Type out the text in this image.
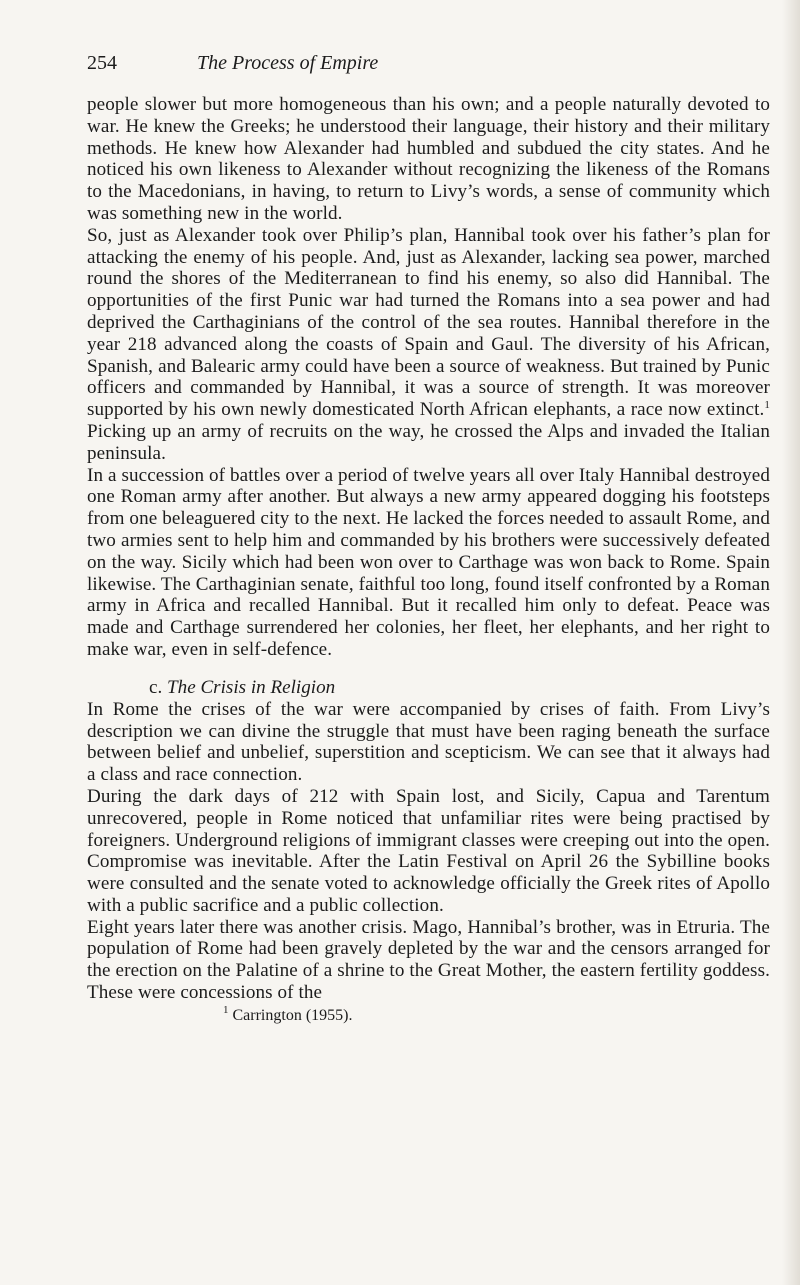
254	The Process of Empire

people slower but more homogeneous than his own; and a people naturally devoted to war. He knew the Greeks; he understood their language, their history and their military methods. He knew how Alexander had humbled and subdued the city states. And he noticed his own likeness to Alexander without recognizing the likeness of the Romans to the Macedonians, in having, to return to Livy’s words, a sense of community which was something new in the world.

So, just as Alexander took over Philip’s plan, Hannibal took over his father’s plan for attacking the enemy of his people. And, just as Alexander, lacking sea power, marched round the shores of the Mediterranean to find his enemy, so also did Hannibal. The opportunities of the first Punic war had turned the Romans into a sea power and had deprived the Carthaginians of the control of the sea routes. Hannibal therefore in the year 218 advanced along the coasts of Spain and Gaul. The diversity of his African, Spanish, and Balearic army could have been a source of weakness. But trained by Punic officers and commanded by Hannibal, it was a source of strength. It was moreover supported by his own newly domesticated North African elephants, a race now extinct.$^1$ Picking up an army of recruits on the way, he crossed the Alps and invaded the Italian peninsula.

In a succession of battles over a period of twelve years all over Italy Hannibal destroyed one Roman army after another. But always a new army appeared dogging his footsteps from one beleaguered city to the next. He lacked the forces needed to assault Rome, and two armies sent to help him and commanded by his brothers were successively defeated on the way. Sicily which had been won over to Carthage was won back to Rome. Spain likewise. The Carthaginian senate, faithful too long, found itself confronted by a Roman army in Africa and recalled Hannibal. But it recalled him only to defeat. Peace was made and Carthage surrendered her colonies, her fleet, her elephants, and her right to make war, even in self-defence.

c. The Crisis in Religion

In Rome the crises of the war were accompanied by crises of faith. From Livy’s description we can divine the struggle that must have been raging beneath the surface between belief and unbelief, superstition and scepticism. We can see that it always had a class and race connection.

During the dark days of 212 with Spain lost, and Sicily, Capua and Tarentum unrecovered, people in Rome noticed that unfamiliar rites were being practised by foreigners. Underground religions of immigrant classes were creeping out into the open. Compromise was inevitable. After the Latin Festival on April 26 the Sybilline books were consulted and the senate voted to acknowledge officially the Greek rites of Apollo with a public sacrifice and a public collection.

Eight years later there was another crisis. Mago, Hannibal’s brother, was in Etruria. The population of Rome had been gravely depleted by the war and the censors arranged for the erection on the Palatine of a shrine to the Great Mother, the eastern fertility goddess. These were concessions of the

$^1$ Carrington (1955).
